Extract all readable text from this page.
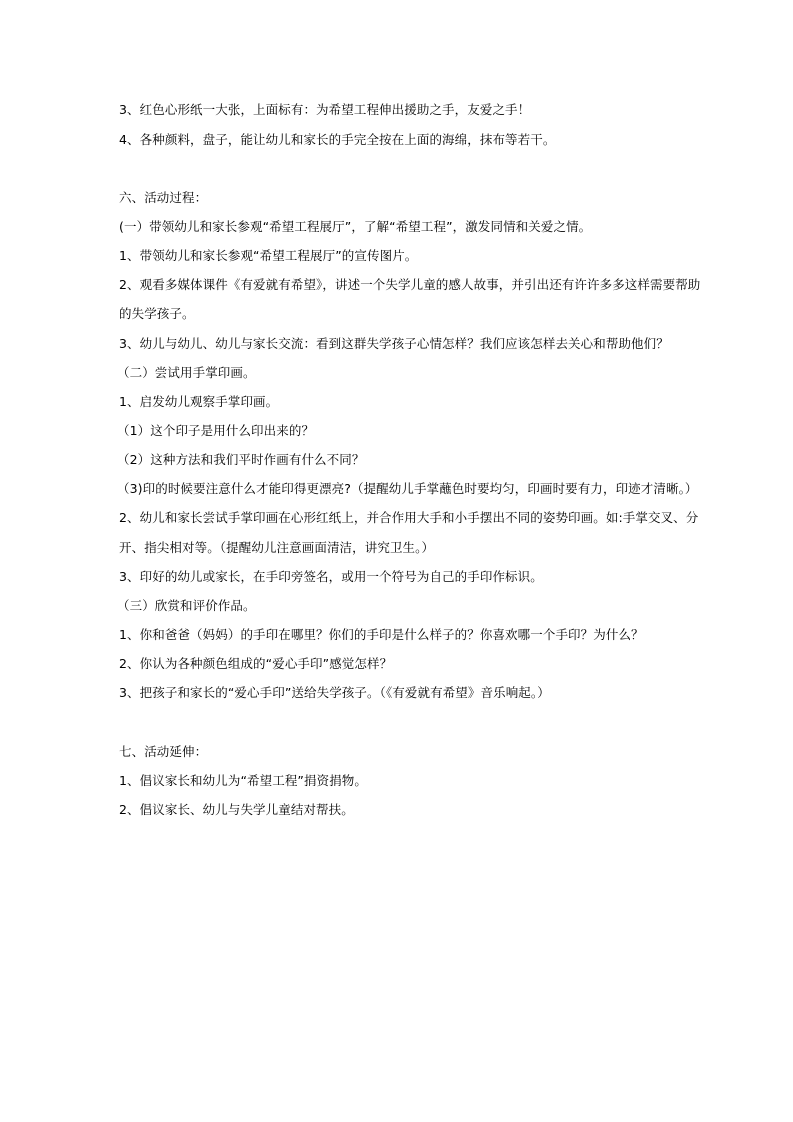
3、红色心形纸一大张，上面标有：为希望工程伸出援助之手，友爱之手！
4、各种颜料，盘子，能让幼儿和家长的手完全按在上面的海绵，抹布等若干。
六、活动过程：
(一）带领幼儿和家长参观“希望工程展厅”，了解“希望工程”，激发同情和关爱之情。
1、带领幼儿和家长参观“希望工程展厅”的宣传图片。
2、观看多媒体课件《有爱就有希望》，讲述一个失学儿童的感人故事，并引出还有许许多多这样需要帮助
的失学孩子。
3、幼儿与幼儿、幼儿与家长交流：看到这群失学孩子心情怎样？我们应该怎样去关心和帮助他们？
（二）尝试用手掌印画。
1、启发幼儿观察手掌印画。
（1）这个印子是用什么印出来的？
（2）这种方法和我们平时作画有什么不同？
（3)印的时候要注意什么才能印得更漂亮?（提醒幼儿手掌蘸色时要均匀，印画时要有力，印迹才清晰。）
2、幼儿和家长尝试手掌印画在心形红纸上，并合作用大手和小手摆出不同的姿势印画。如:手掌交叉、分
开、指尖相对等。（提醒幼儿注意画面清洁，讲究卫生。）
3、印好的幼儿或家长，在手印旁签名，或用一个符号为自己的手印作标识。
（三）欣赏和评价作品。
1、你和爸爸（妈妈）的手印在哪里？你们的手印是什么样子的？你喜欢哪一个手印？为什么？
2、你认为各种颜色组成的“爱心手印”感觉怎样？
3、把孩子和家长的“爱心手印”送给失学孩子。（《有爱就有希望》音乐响起。）
七、活动延伸：
1、倡议家长和幼儿为“希望工程”捐资捐物。
2、倡议家长、幼儿与失学儿童结对帮扶。
